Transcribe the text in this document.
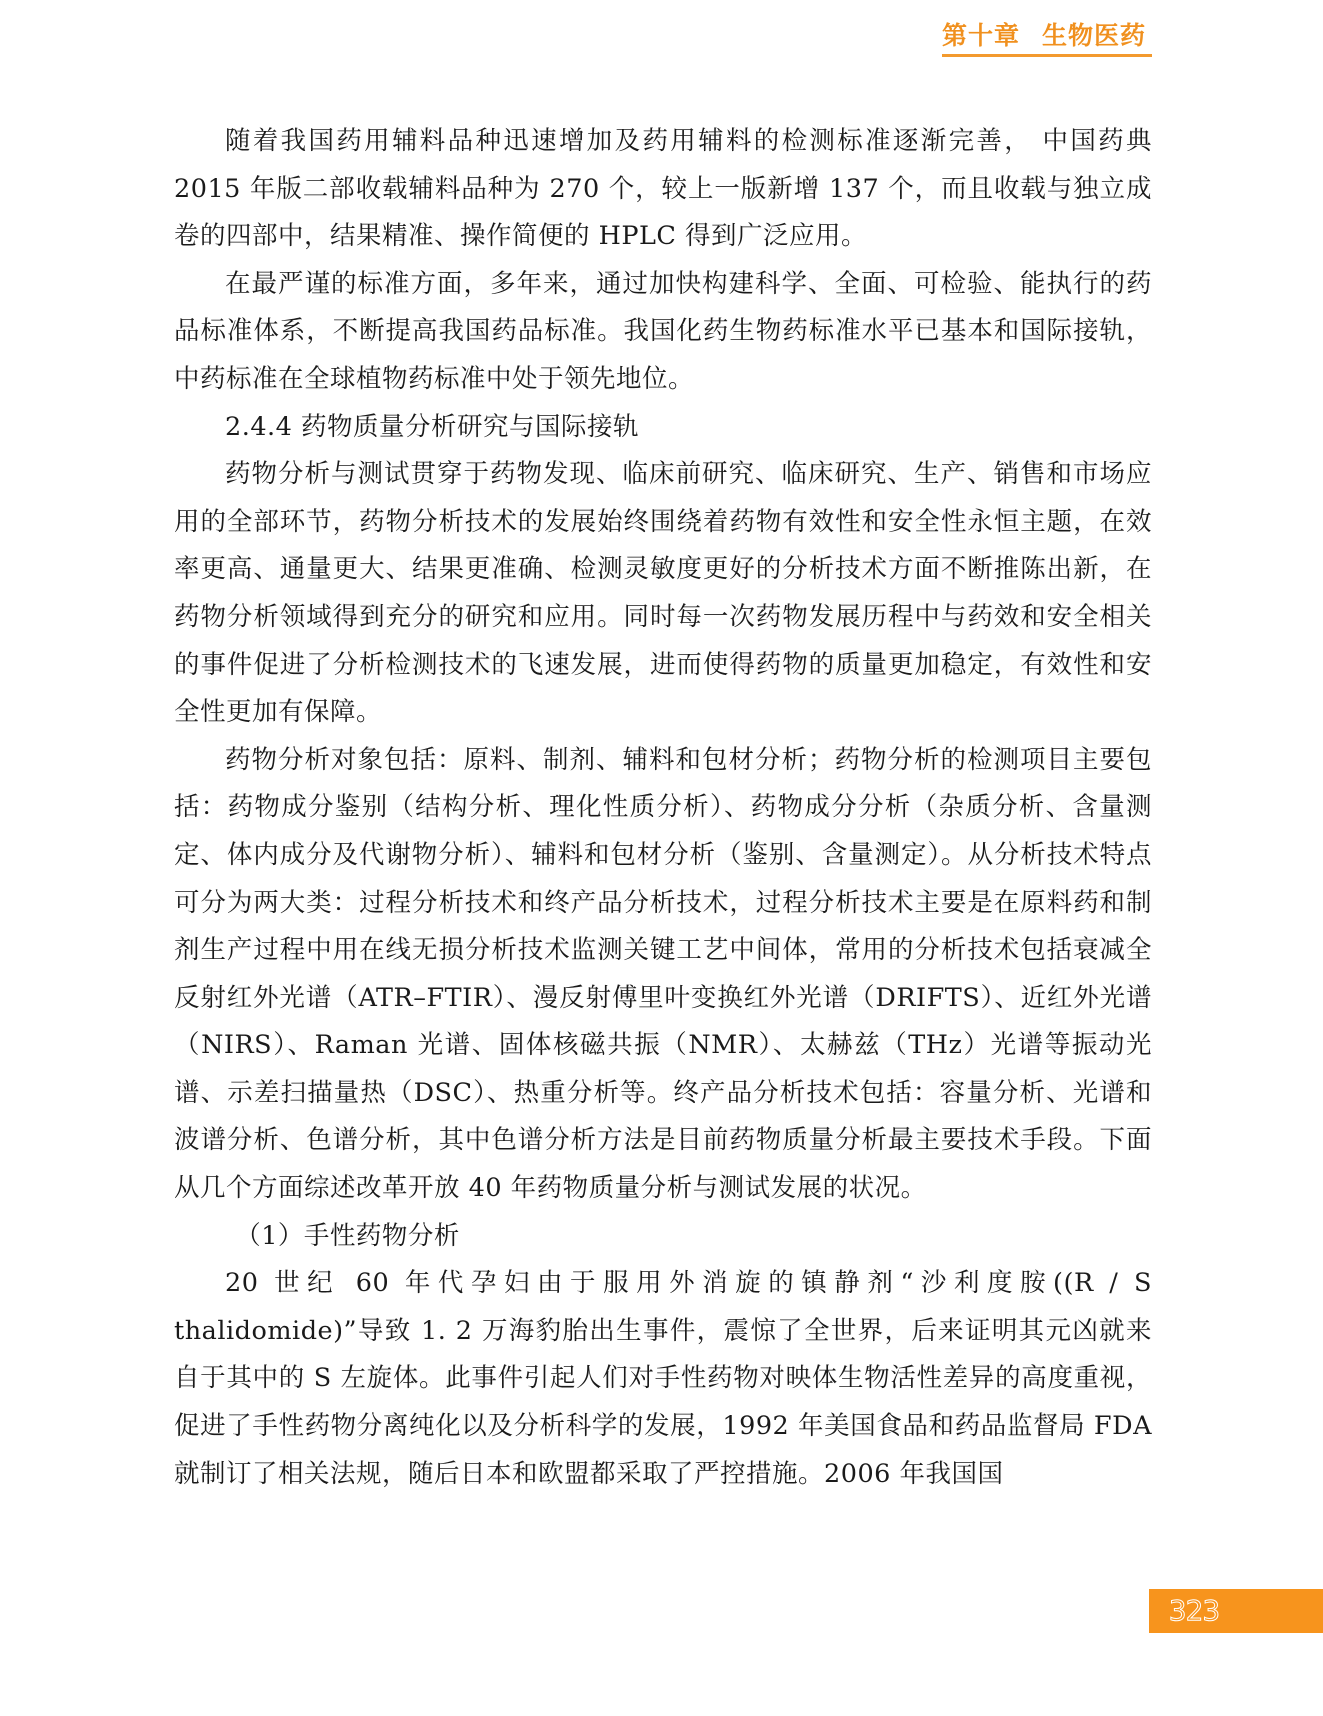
第十章 生物医药

随着我国药用辅料品种迅速增加及药用辅料的检测标准逐渐完善， 中国药典 2015 年版二部收载辅料品种为 270 个，较上一版新增 137 个，而且收载与独立成卷的四部中，结果精准、操作简便的 HPLC 得到广泛应用。

在最严谨的标准方面，多年来，通过加快构建科学、全面、可检验、能执行的药品标准体系，不断提高我国药品标准。我国化药生物药标准水平已基本和国际接轨，中药标准在全球植物药标准中处于领先地位。

2.4.4 药物质量分析研究与国际接轨

药物分析与测试贯穿于药物发现、临床前研究、临床研究、生产、销售和市场应用的全部环节，药物分析技术的发展始终围绕着药物有效性和安全性永恒主题，在效率更高、通量更大、结果更准确、检测灵敏度更好的分析技术方面不断推陈出新，在药物分析领域得到充分的研究和应用。同时每一次药物发展历程中与药效和安全相关的事件促进了分析检测技术的飞速发展，进而使得药物的质量更加稳定，有效性和安全性更加有保障。

药物分析对象包括：原料、制剂、辅料和包材分析；药物分析的检测项目主要包括：药物成分鉴别（结构分析、理化性质分析）、药物成分分析（杂质分析、含量测定、体内成分及代谢物分析）、辅料和包材分析（鉴别、含量测定）。从分析技术特点可分为两大类：过程分析技术和终产品分析技术，过程分析技术主要是在原料药和制剂生产过程中用在线无损分析技术监测关键工艺中间体，常用的分析技术包括衰减全反射红外光谱（ATR–FTIR）、漫反射傅里叶变换红外光谱（DRIFTS）、近红外光谱（NIRS）、Raman 光谱、固体核磁共振（NMR）、太赫兹（THz）光谱等振动光谱、示差扫描量热（DSC）、热重分析等。终产品分析技术包括：容量分析、光谱和波谱分析、色谱分析，其中色谱分析方法是目前药物质量分析最主要技术手段。下面从几个方面综述改革开放 40 年药物质量分析与测试发展的状况。

（1）手性药物分析

20 世纪 60 年代孕妇由于服用外消旋的镇静剂“沙利度胺((R / S thalidomide)”导致 1. 2 万海豹胎出生事件，震惊了全世界，后来证明其元凶就来自于其中的 S 左旋体。此事件引起人们对手性药物对映体生物活性差异的高度重视，促进了手性药物分离纯化以及分析科学的发展，1992 年美国食品和药品监督局 FDA 就制订了相关法规，随后日本和欧盟都采取了严控措施。2006 年我国国

323
